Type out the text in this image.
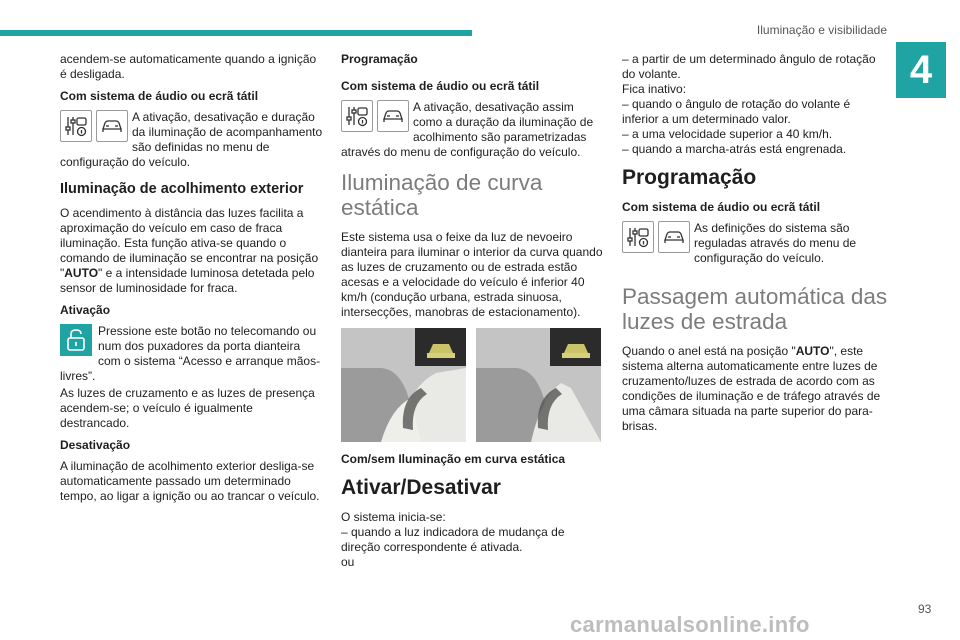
Iluminação e visibilidade
4

acendem-se automaticamente quando a ignição é desligada.

Com sistema de áudio ou ecrã tátil
A ativação, desativação e duração da iluminação de acompanhamento são definidas no menu de configuração do veículo.
Iluminação de acolhimento exterior

O acendimento à distância das luzes facilita a aproximação do veículo em caso de fraca iluminação. Esta função ativa-se quando o comando de iluminação se encontrar na posição "AUTO" e a intensidade luminosa detetada pelo sensor de luminosidade for fraca.

Ativação
Pressione este botão no telecomando ou num dos puxadores da porta dianteira com o sistema “Acesso e arranque mãos-livres”.

As luzes de cruzamento e as luzes de presença acendem-se; o veículo é igualmente destrancado.

Desativação

A iluminação de acolhimento exterior desliga-se automaticamente passado um determinado tempo, ao ligar a ignição ou ao trancar o veículo.

Programação
Com sistema de áudio ou ecrã tátil
A ativação, desativação assim como a duração da iluminação de acolhimento são parametrizadas através do menu de configuração do veículo.
Iluminação de curva estática

Este sistema usa o feixe da luz de nevoeiro dianteira para iluminar o interior da curva quando as luzes de cruzamento ou de estrada estão acesas e a velocidade do veículo é inferior 40 km/h (condução urbana, estrada sinuosa, intersecções, manobras de estacionamento).

Com/sem Iluminação em curva estática
Ativar/Desativar

O sistema inicia-se:

– quando a luz indicadora de mudança de direção correspondente é ativada.

ou

– a partir de um determinado ângulo de rotação do volante.

Fica inativo:

– quando o ângulo de rotação do volante é inferior a um determinado valor.

– a uma velocidade superior a 40 km/h.

– quando a marcha-atrás está engrenada.

Programação
Com sistema de áudio ou ecrã tátil
As definições do sistema são reguladas através do menu de configuração do veículo.
Passagem automática das luzes de estrada

Quando o anel está na posição "AUTO", este sistema alterna automaticamente entre luzes de cruzamento/luzes de estrada de acordo com as condições de iluminação e de tráfego através de uma câmara situada na parte superior do para-brisas.

93
carmanualsonline.info
